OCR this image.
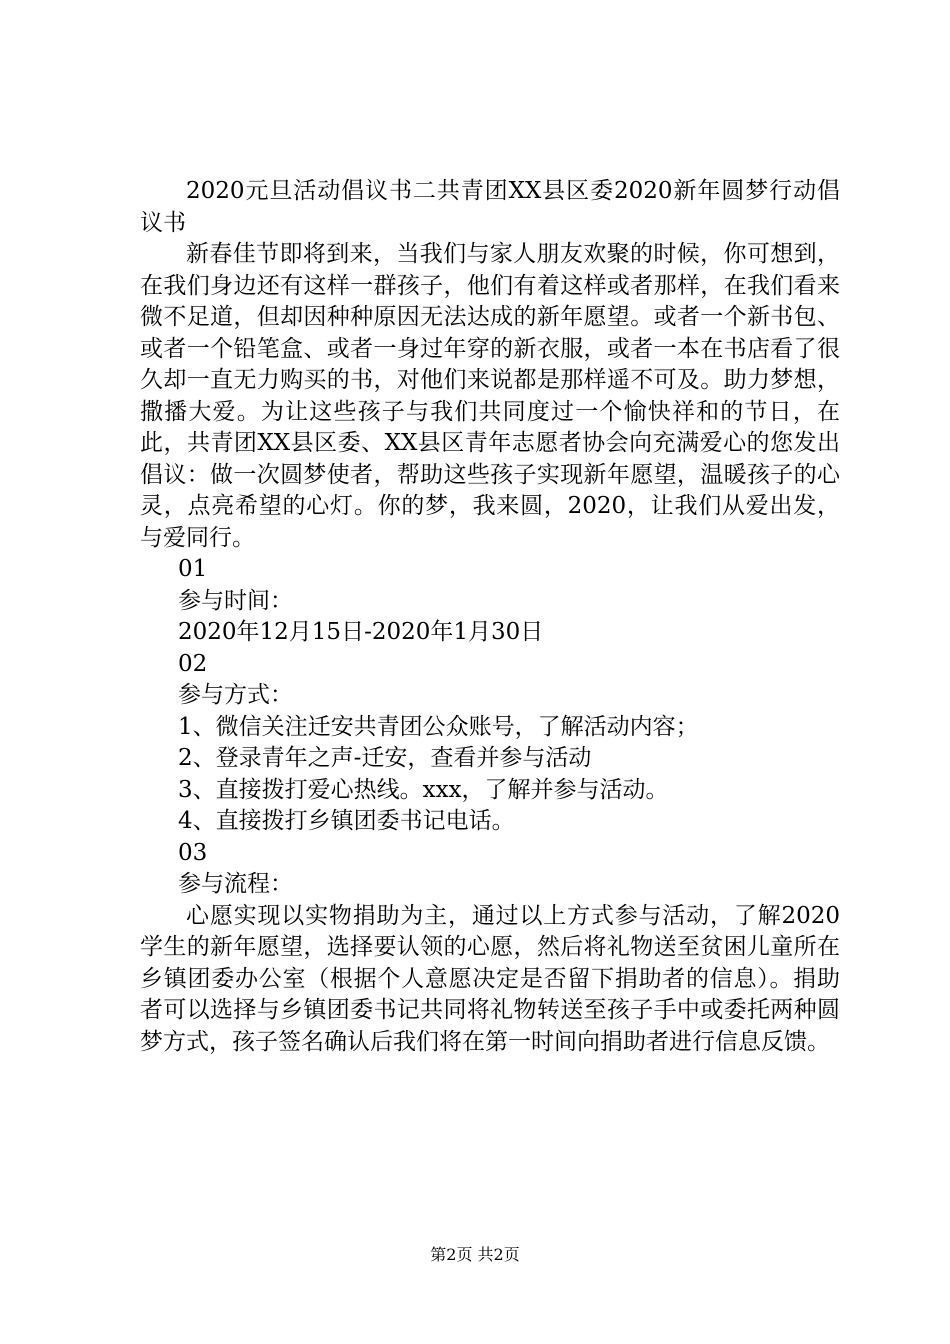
2020元旦活动倡议书二共青团XX县区委2020新年圆梦行动倡议书

新春佳节即将到来，当我们与家人朋友欢聚的时候，你可想到，在我们身边还有这样一群孩子，他们有着这样或者那样，在我们看来微不足道，但却因种种原因无法达成的新年愿望。或者一个新书包、或者一个铅笔盒、或者一身过年穿的新衣服，或者一本在书店看了很久却一直无力购买的书，对他们来说都是那样遥不可及。助力梦想，撒播大爱。为让这些孩子与我们共同度过一个愉快祥和的节日，在此，共青团XX县区委、XX县区青年志愿者协会向充满爱心的您发出倡议：做一次圆梦使者，帮助这些孩子实现新年愿望，温暖孩子的心灵，点亮希望的心灯。你的梦，我来圆，2020，让我们从爱出发，与爱同行。

01

参与时间：

2020年12月15日-2020年1月30日

02

参与方式：

1、微信关注迁安共青团公众账号，了解活动内容；

2、登录青年之声-迁安，查看并参与活动

3、直接拨打爱心热线。xxx，了解并参与活动。

4、直接拨打乡镇团委书记电话。

03

参与流程：

心愿实现以实物捐助为主，通过以上方式参与活动，了解2020学生的新年愿望，选择要认领的心愿，然后将礼物送至贫困儿童所在乡镇团委办公室（根据个人意愿决定是否留下捐助者的信息）。捐助者可以选择与乡镇团委书记共同将礼物转送至孩子手中或委托两种圆梦方式，孩子签名确认后我们将在第一时间向捐助者进行信息反馈。

第2页 共2页
